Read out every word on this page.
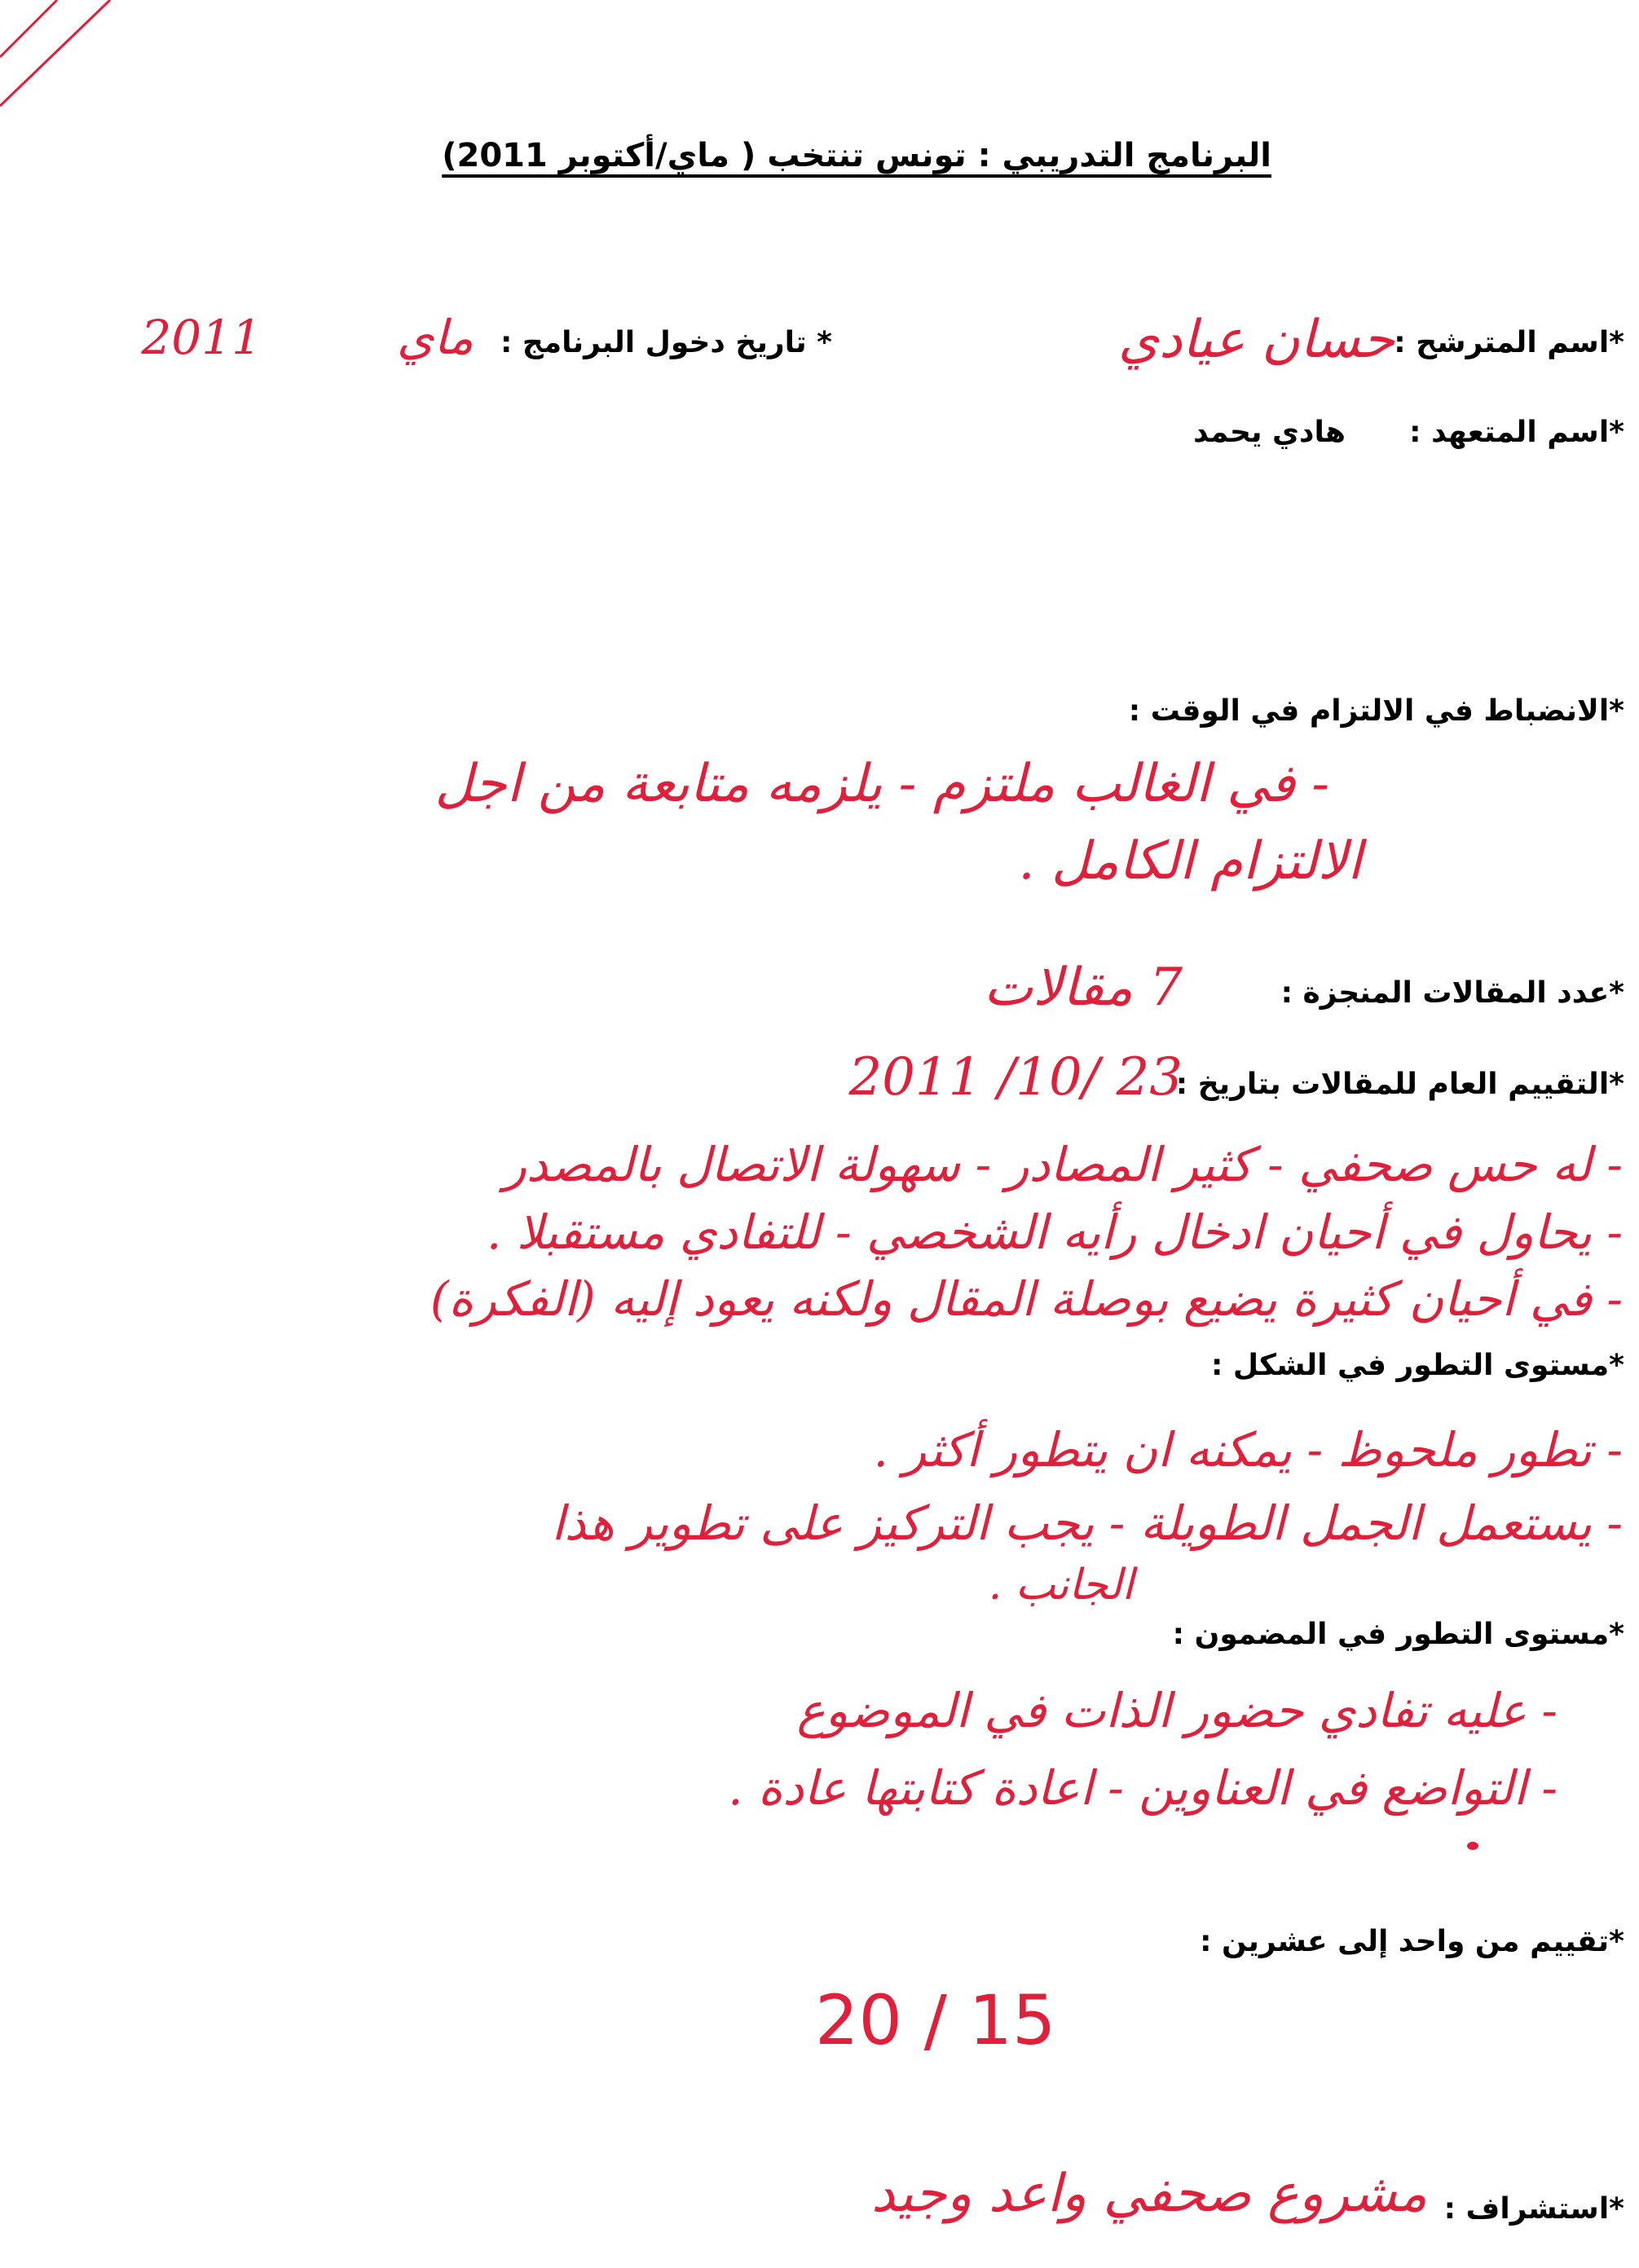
البرنامج التدريبي : تونس تنتخب ( ماي/أكتوبر 2011)
*اسم المترشح :
حسان عيادي
* تاريخ دخول البرنامج :
ماي
2011
*اسم المتعهد :
هادي يحمد
*الانضباط في الالتزام في الوقت :
- في الغالب ملتزم - يلزمه متابعة من اجل
الالتزام الكامل .
*عدد المقالات المنجزة :
7 مقالات
*التقييم العام للمقالات بتاريخ :
2011 /10/ 23
- له حس صحفي - كثير المصادر - سهولة الاتصال بالمصدر
- يحاول في أحيان ادخال رأيه الشخصي - للتفادي مستقبلا .
- في أحيان كثيرة يضيع بوصلة المقال ولكنه يعود إليه (الفكرة)
*مستوى التطور في الشكل :
- تطور ملحوظ - يمكنه ان يتطور أكثر .
- يستعمل الجمل الطويلة - يجب التركيز على تطوير هذا
الجانب .
*مستوى التطور في المضمون :
- عليه تفادي حضور الذات في الموضوع
- التواضع في العناوين - اعادة كتابتها عادة .
*تقييم من واحد إلى عشرين :
20 / 15
*استشراف :
مشروع صحفي واعد وجيد
